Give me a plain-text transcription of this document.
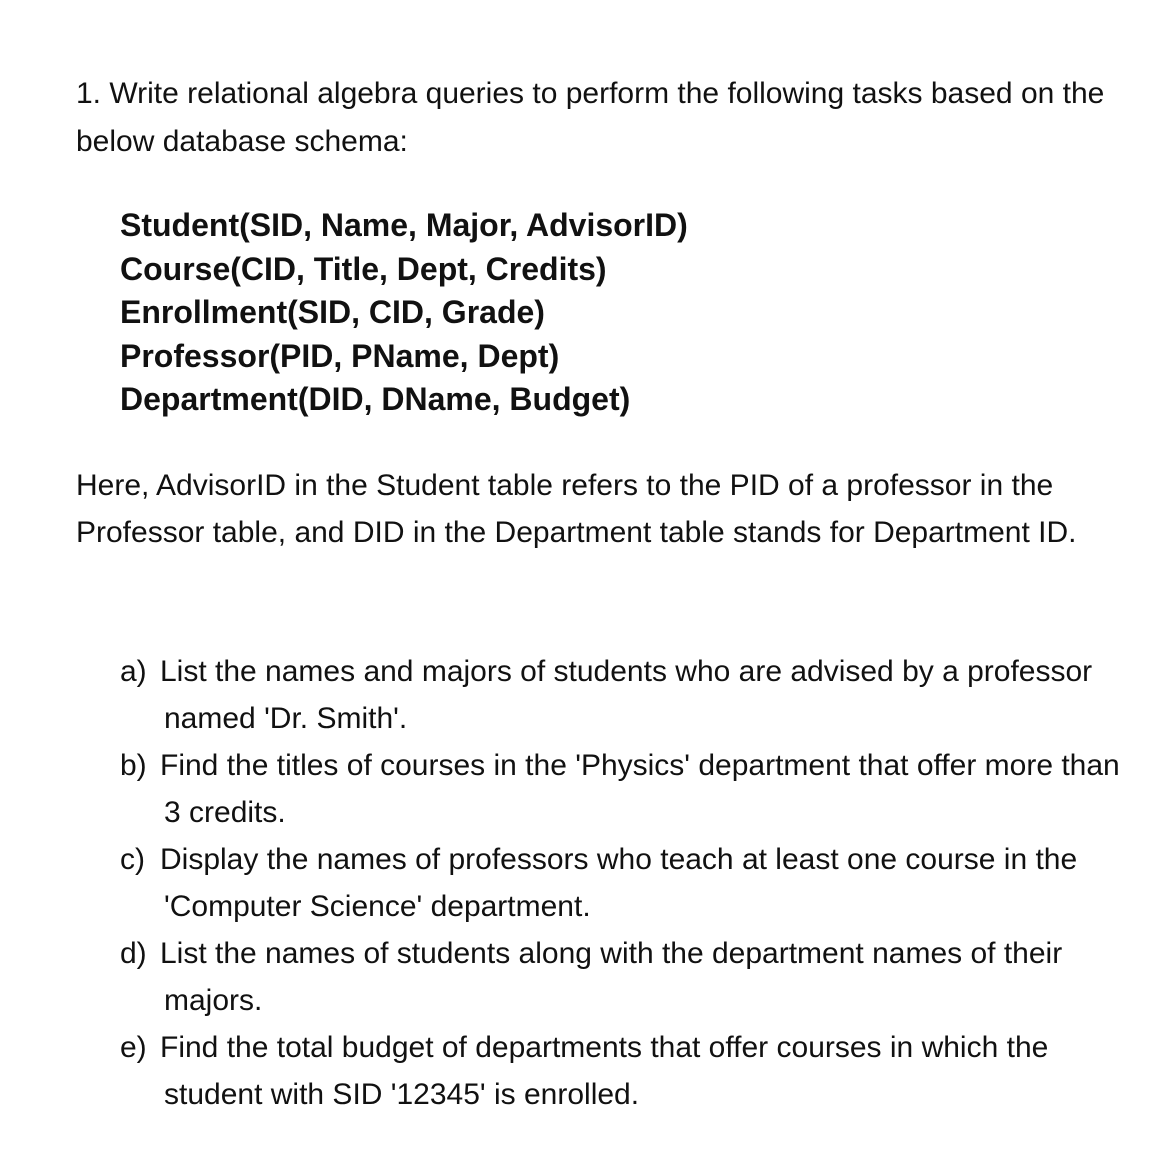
1. Write relational algebra queries to perform the following tasks based on the below database schema:

Student(SID, Name, Major, AdvisorID)
Course(CID, Title, Dept, Credits)
Enrollment(SID, CID, Grade)
Professor(PID, PName, Dept)
Department(DID, DName, Budget)

Here, AdvisorID in the Student table refers to the PID of a professor in the Professor table, and DID in the Department table stands for Department ID.

a) List the names and majors of students who are advised by a professor named 'Dr. Smith'.
b) Find the titles of courses in the 'Physics' department that offer more than 3 credits.
c) Display the names of professors who teach at least one course in the 'Computer Science' department.
d) List the names of students along with the department names of their majors.
e) Find the total budget of departments that offer courses in which the student with SID '12345' is enrolled.
